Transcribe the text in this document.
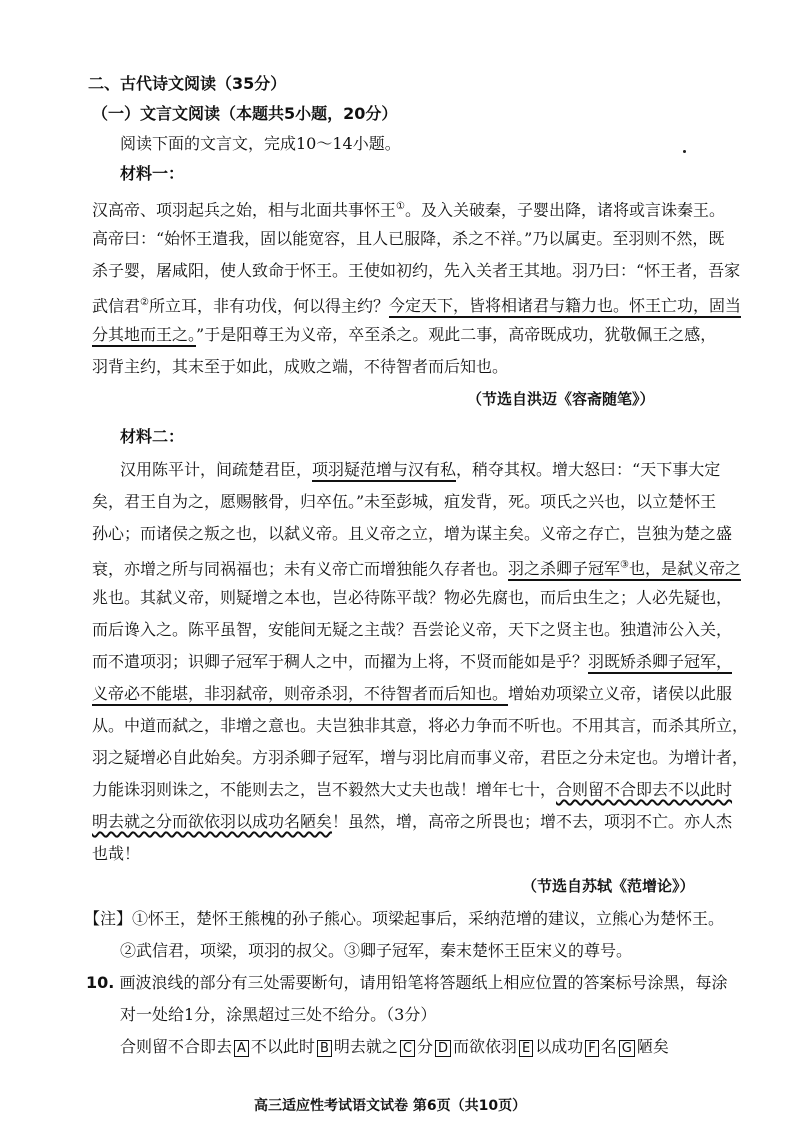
二、古代诗文阅读（35分）
（一）文言文阅读（本题共5小题，20分）
阅读下面的文言文，完成10～14小题。
材料一：
汉高帝、项羽起兵之始，相与北面共事怀王①。及入关破秦，子婴出降，诸将或言诛秦王。
高帝曰：“始怀王遣我，固以能宽容，且人已服降，杀之不祥。”乃以属吏。至羽则不然，既
杀子婴，屠咸阳，使人致命于怀王。王使如初约，先入关者王其地。羽乃曰：“怀王者，吾家
武信君②所立耳，非有功伐，何以得主约？今定天下，皆将相诸君与籍力也。怀王亡功，固当
分其地而王之。”于是阳尊王为义帝，卒至杀之。观此二事，高帝既成功，犹敬佩王之感，
羽背主约，其末至于如此，成败之端，不待智者而后知也。
（节选自洪迈《容斋随笔》）
材料二：
汉用陈平计，间疏楚君臣，项羽疑范增与汉有私，稍夺其权。增大怒曰：“天下事大定
矣，君王自为之，愿赐骸骨，归卒伍。”未至彭城，疽发背，死。项氏之兴也，以立楚怀王
孙心；而诸侯之叛之也，以弑义帝。且义帝之立，增为谋主矣。义帝之存亡，岂独为楚之盛
衰，亦增之所与同祸福也；未有义帝亡而增独能久存者也。羽之杀卿子冠军③也，是弑义帝之
兆也。其弑义帝，则疑增之本也，岂必待陈平哉？物必先腐也，而后虫生之；人必先疑也，
而后谗入之。陈平虽智，安能间无疑之主哉？吾尝论义帝，天下之贤主也。独遣沛公入关，
而不遣项羽；识卿子冠军于稠人之中，而擢为上将，不贤而能如是乎？羽既矫杀卿子冠军，
义帝必不能堪，非羽弑帝，则帝杀羽，不待智者而后知也。增始劝项梁立义帝，诸侯以此服
从。中道而弑之，非增之意也。夫岂独非其意，将必力争而不听也。不用其言，而杀其所立，
羽之疑增必自此始矣。方羽杀卿子冠军，增与羽比肩而事义帝，君臣之分未定也。为增计者，
力能诛羽则诛之，不能则去之，岂不毅然大丈夫也哉！增年七十，合则留不合即去不以此时
明去就之分而欲依羽以成功名陋矣！虽然，增，高帝之所畏也；增不去，项羽不亡。亦人杰
也哉！
（节选自苏轼《范增论》）
【注】①怀王，楚怀王熊槐的孙子熊心。项梁起事后，采纳范增的建议，立熊心为楚怀王。
②武信君，项梁，项羽的叔父。③卿子冠军，秦末楚怀王臣宋义的尊号。
10. 画波浪线的部分有三处需要断句，请用铅笔将答题纸上相应位置的答案标号涂黑，每涂
对一处给1分，涂黑超过三处不给分。（3分）
合则留不合即去 A 不以此时 B 明去就之 C 分 D 而欲依羽 E 以成功 F 名 G 陋矣
高三适应性考试语文试卷 第6页（共10页）
